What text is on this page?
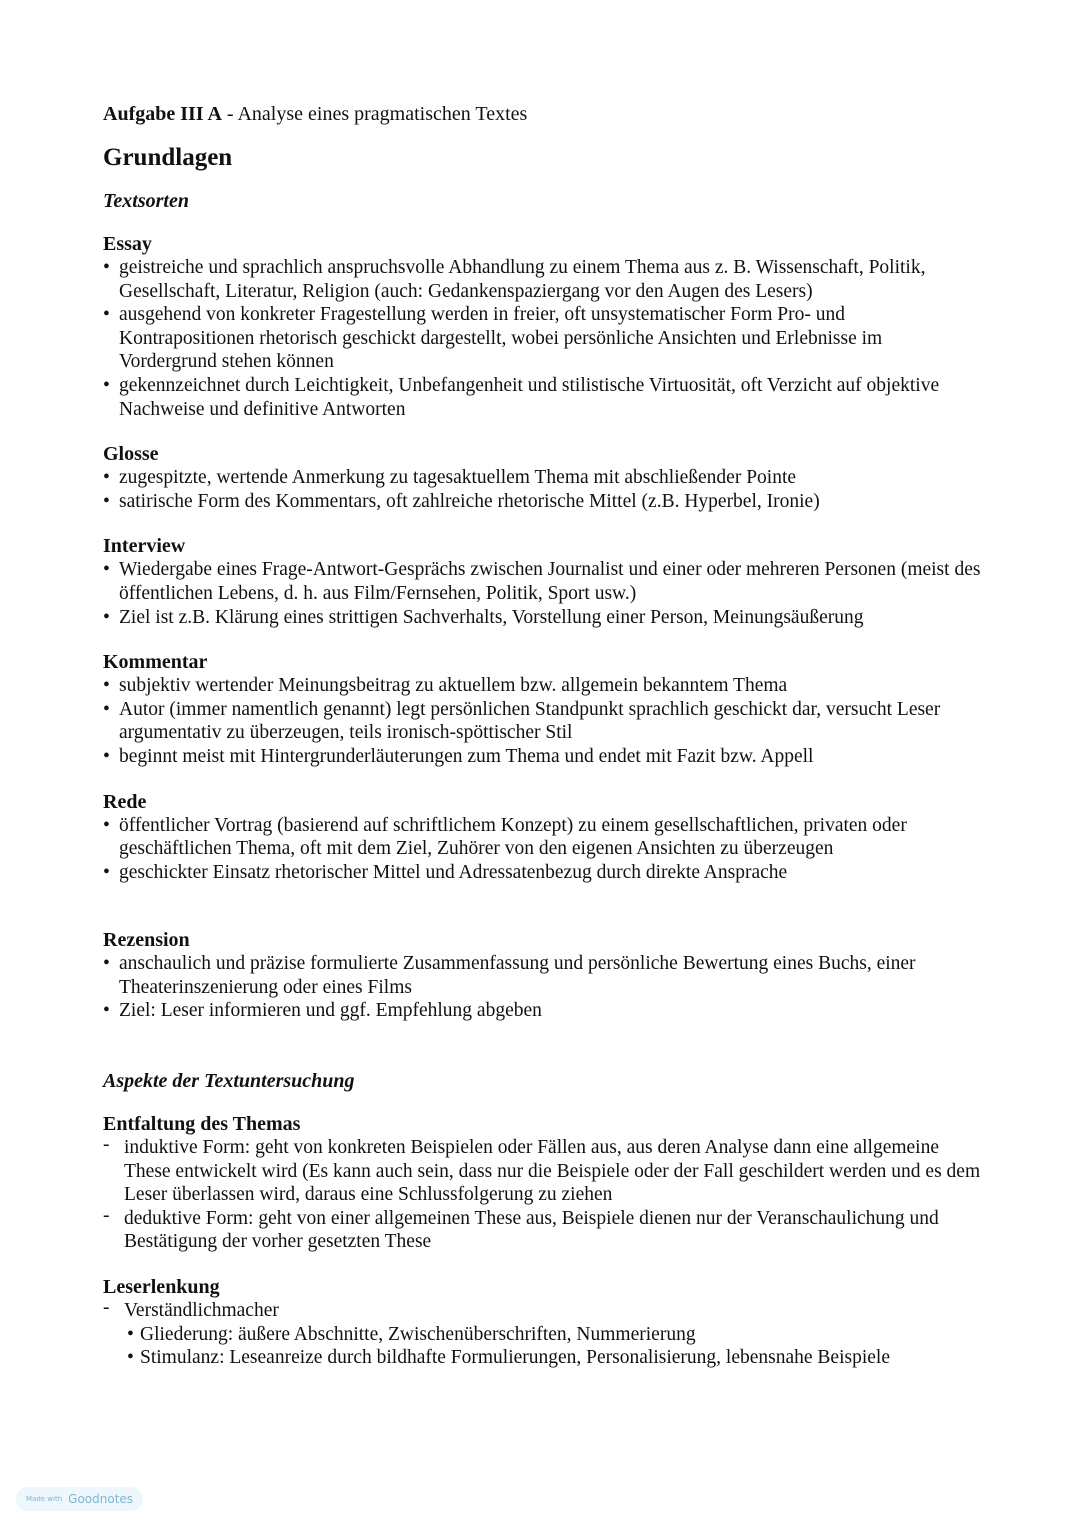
Aufgabe III A - Analyse eines pragmatischen Textes
Grundlagen
Textsorten
Essay
• geistreiche und sprachlich anspruchsvolle Abhandlung zu einem Thema aus z. B. Wissenschaft, Politik, Gesellschaft, Literatur, Religion (auch: Gedankenspaziergang vor den Augen des Lesers)
• ausgehend von konkreter Fragestellung werden in freier, oft unsystematischer Form Pro- und Kontrapositionen rhetorisch geschickt dargestellt, wobei persönliche Ansichten und Erlebnisse im Vordergrund stehen können
• gekennzeichnet durch Leichtigkeit, Unbefangenheit und stilistische Virtuosität, oft Verzicht auf objektive Nachweise und definitive Antworten
Glosse
• zugespitzte, wertende Anmerkung zu tagesaktuellem Thema mit abschließender Pointe
• satirische Form des Kommentars, oft zahlreiche rhetorische Mittel (z.B. Hyperbel, Ironie)
Interview
• Wiedergabe eines Frage-Antwort-Gesprächs zwischen Journalist und einer oder mehreren Personen (meist des öffentlichen Lebens, d. h. aus Film/Fernsehen, Politik, Sport usw.)
• Ziel ist z.B. Klärung eines strittigen Sachverhalts, Vorstellung einer Person, Meinungsäußerung
Kommentar
• subjektiv wertender Meinungsbeitrag zu aktuellem bzw. allgemein bekanntem Thema
• Autor (immer namentlich genannt) legt persönlichen Standpunkt sprachlich geschickt dar, versucht Leser argumentativ zu überzeugen, teils ironisch-spöttischer Stil
• beginnt meist mit Hintergrunderläuterungen zum Thema und endet mit Fazit bzw. Appell
Rede
• öffentlicher Vortrag (basierend auf schriftlichem Konzept) zu einem gesellschaftlichen, privaten oder geschäftlichen Thema, oft mit dem Ziel, Zuhörer von den eigenen Ansichten zu überzeugen
• geschickter Einsatz rhetorischer Mittel und Adressatenbezug durch direkte Ansprache
Rezension
• anschaulich und präzise formulierte Zusammenfassung und persönliche Bewertung eines Buchs, einer Theaterinszenierung oder eines Films
• Ziel: Leser informieren und ggf. Empfehlung abgeben
Aspekte der Textuntersuchung
Entfaltung des Themas
- induktive Form: geht von konkreten Beispielen oder Fällen aus, aus deren Analyse dann eine allgemeine These entwickelt wird (Es kann auch sein, dass nur die Beispiele oder der Fall geschildert werden und es dem Leser überlassen wird, daraus eine Schlussfolgerung zu ziehen
- deduktive Form: geht von einer allgemeinen These aus, Beispiele dienen nur der Veranschaulichung und Bestätigung der vorher gesetzten These
Leserlenkung
- Verständlichmacher
• Gliederung: äußere Abschnitte, Zwischenüberschriften, Nummerierung
• Stimulanz: Leseanreize durch bildhafte Formulierungen, Personalisierung, lebensnahe Beispiele
Made with Goodnotes
